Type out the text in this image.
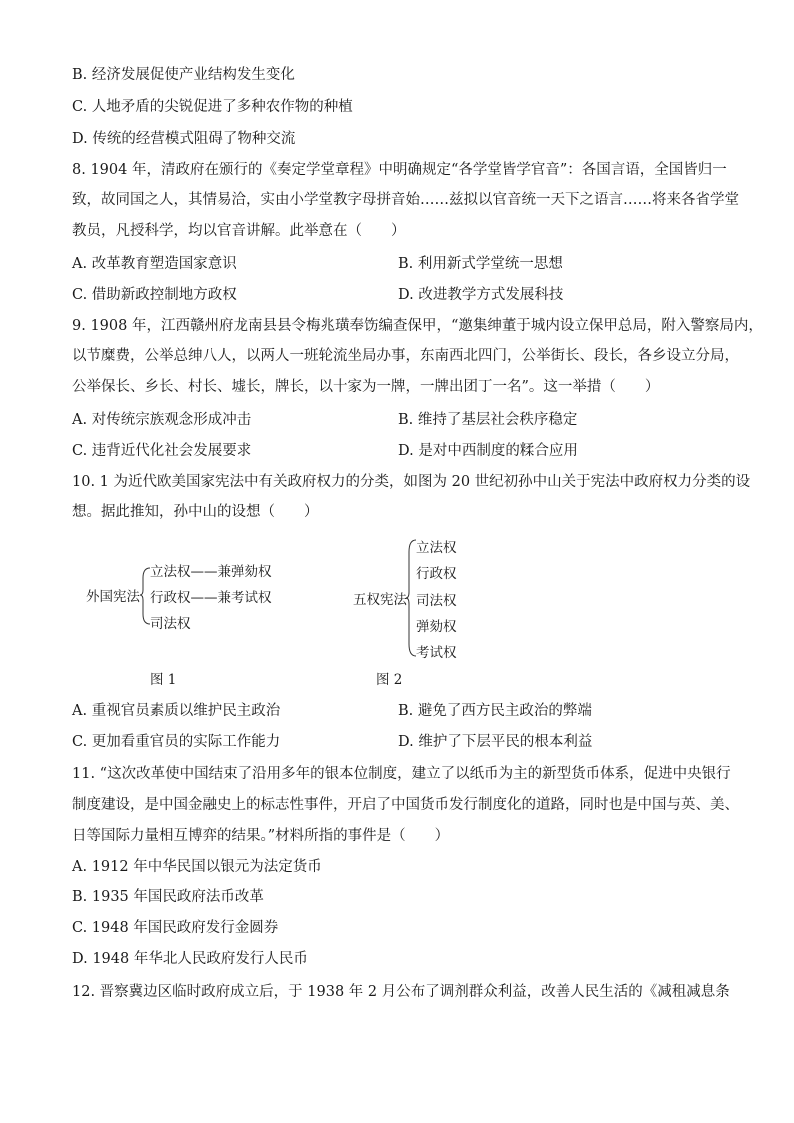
B. 经济发展促使产业结构发生变化
C. 人地矛盾的尖锐促进了多种农作物的种植
D. 传统的经营模式阻碍了物种交流
8. 1904 年，清政府在颁行的《奏定学堂章程》中明确规定“各学堂皆学官音”：各国言语，全国皆归一
致，故同国之人，其情易洽，实由小学堂教字母拼音始……兹拟以官音统一天下之语言……将来各省学堂
教员，凡授科学，均以官音讲解。此举意在（　　）
A. 改革教育塑造国家意识	B. 利用新式学堂统一思想
C. 借助新政控制地方政权	D. 改进教学方式发展科技
9. 1908 年，江西赣州府龙南县县令梅兆璜奉饬编查保甲，“邀集绅董于城内设立保甲总局，附入警察局内，
以节糜费，公举总绅八人，以两人一班轮流坐局办事，东南西北四门，公举街长、段长，各乡设立分局，
公举保长、乡长、村长、墟长，牌长，以十家为一牌，一牌出团丁一名”。这一举措（　　）
A. 对传统宗族观念形成冲击	B. 维持了基层社会秩序稳定
C. 违背近代化社会发展要求	D. 是对中西制度的糅合应用
10. 1 为近代欧美国家宪法中有关政府权力的分类，如图为 20 世纪初孙中山关于宪法中政府权力分类的设
想。据此推知，孙中山的设想（　　）
外国宪法
立法权——兼弹劾权
行政权——兼考试权
司法权
图 1
五权宪法
立法权
行政权
司法权
弹劾权
考试权
图 2
A. 重视官员素质以维护民主政治	B. 避免了西方民主政治的弊端
C. 更加看重官员的实际工作能力	D. 维护了下层平民的根本利益
11. “这次改革使中国结束了沿用多年的银本位制度，建立了以纸币为主的新型货币体系，促进中央银行
制度建设，是中国金融史上的标志性事件，开启了中国货币发行制度化的道路，同时也是中国与英、美、
日等国际力量相互博弈的结果。”材料所指的事件是（　　）
A. 1912 年中华民国以银元为法定货币
B. 1935 年国民政府法币改革
C. 1948 年国民政府发行金圆券
D. 1948 年华北人民政府发行人民币
12. 晋察冀边区临时政府成立后，于 1938 年 2 月公布了调剂群众利益，改善人民生活的《减租减息条
